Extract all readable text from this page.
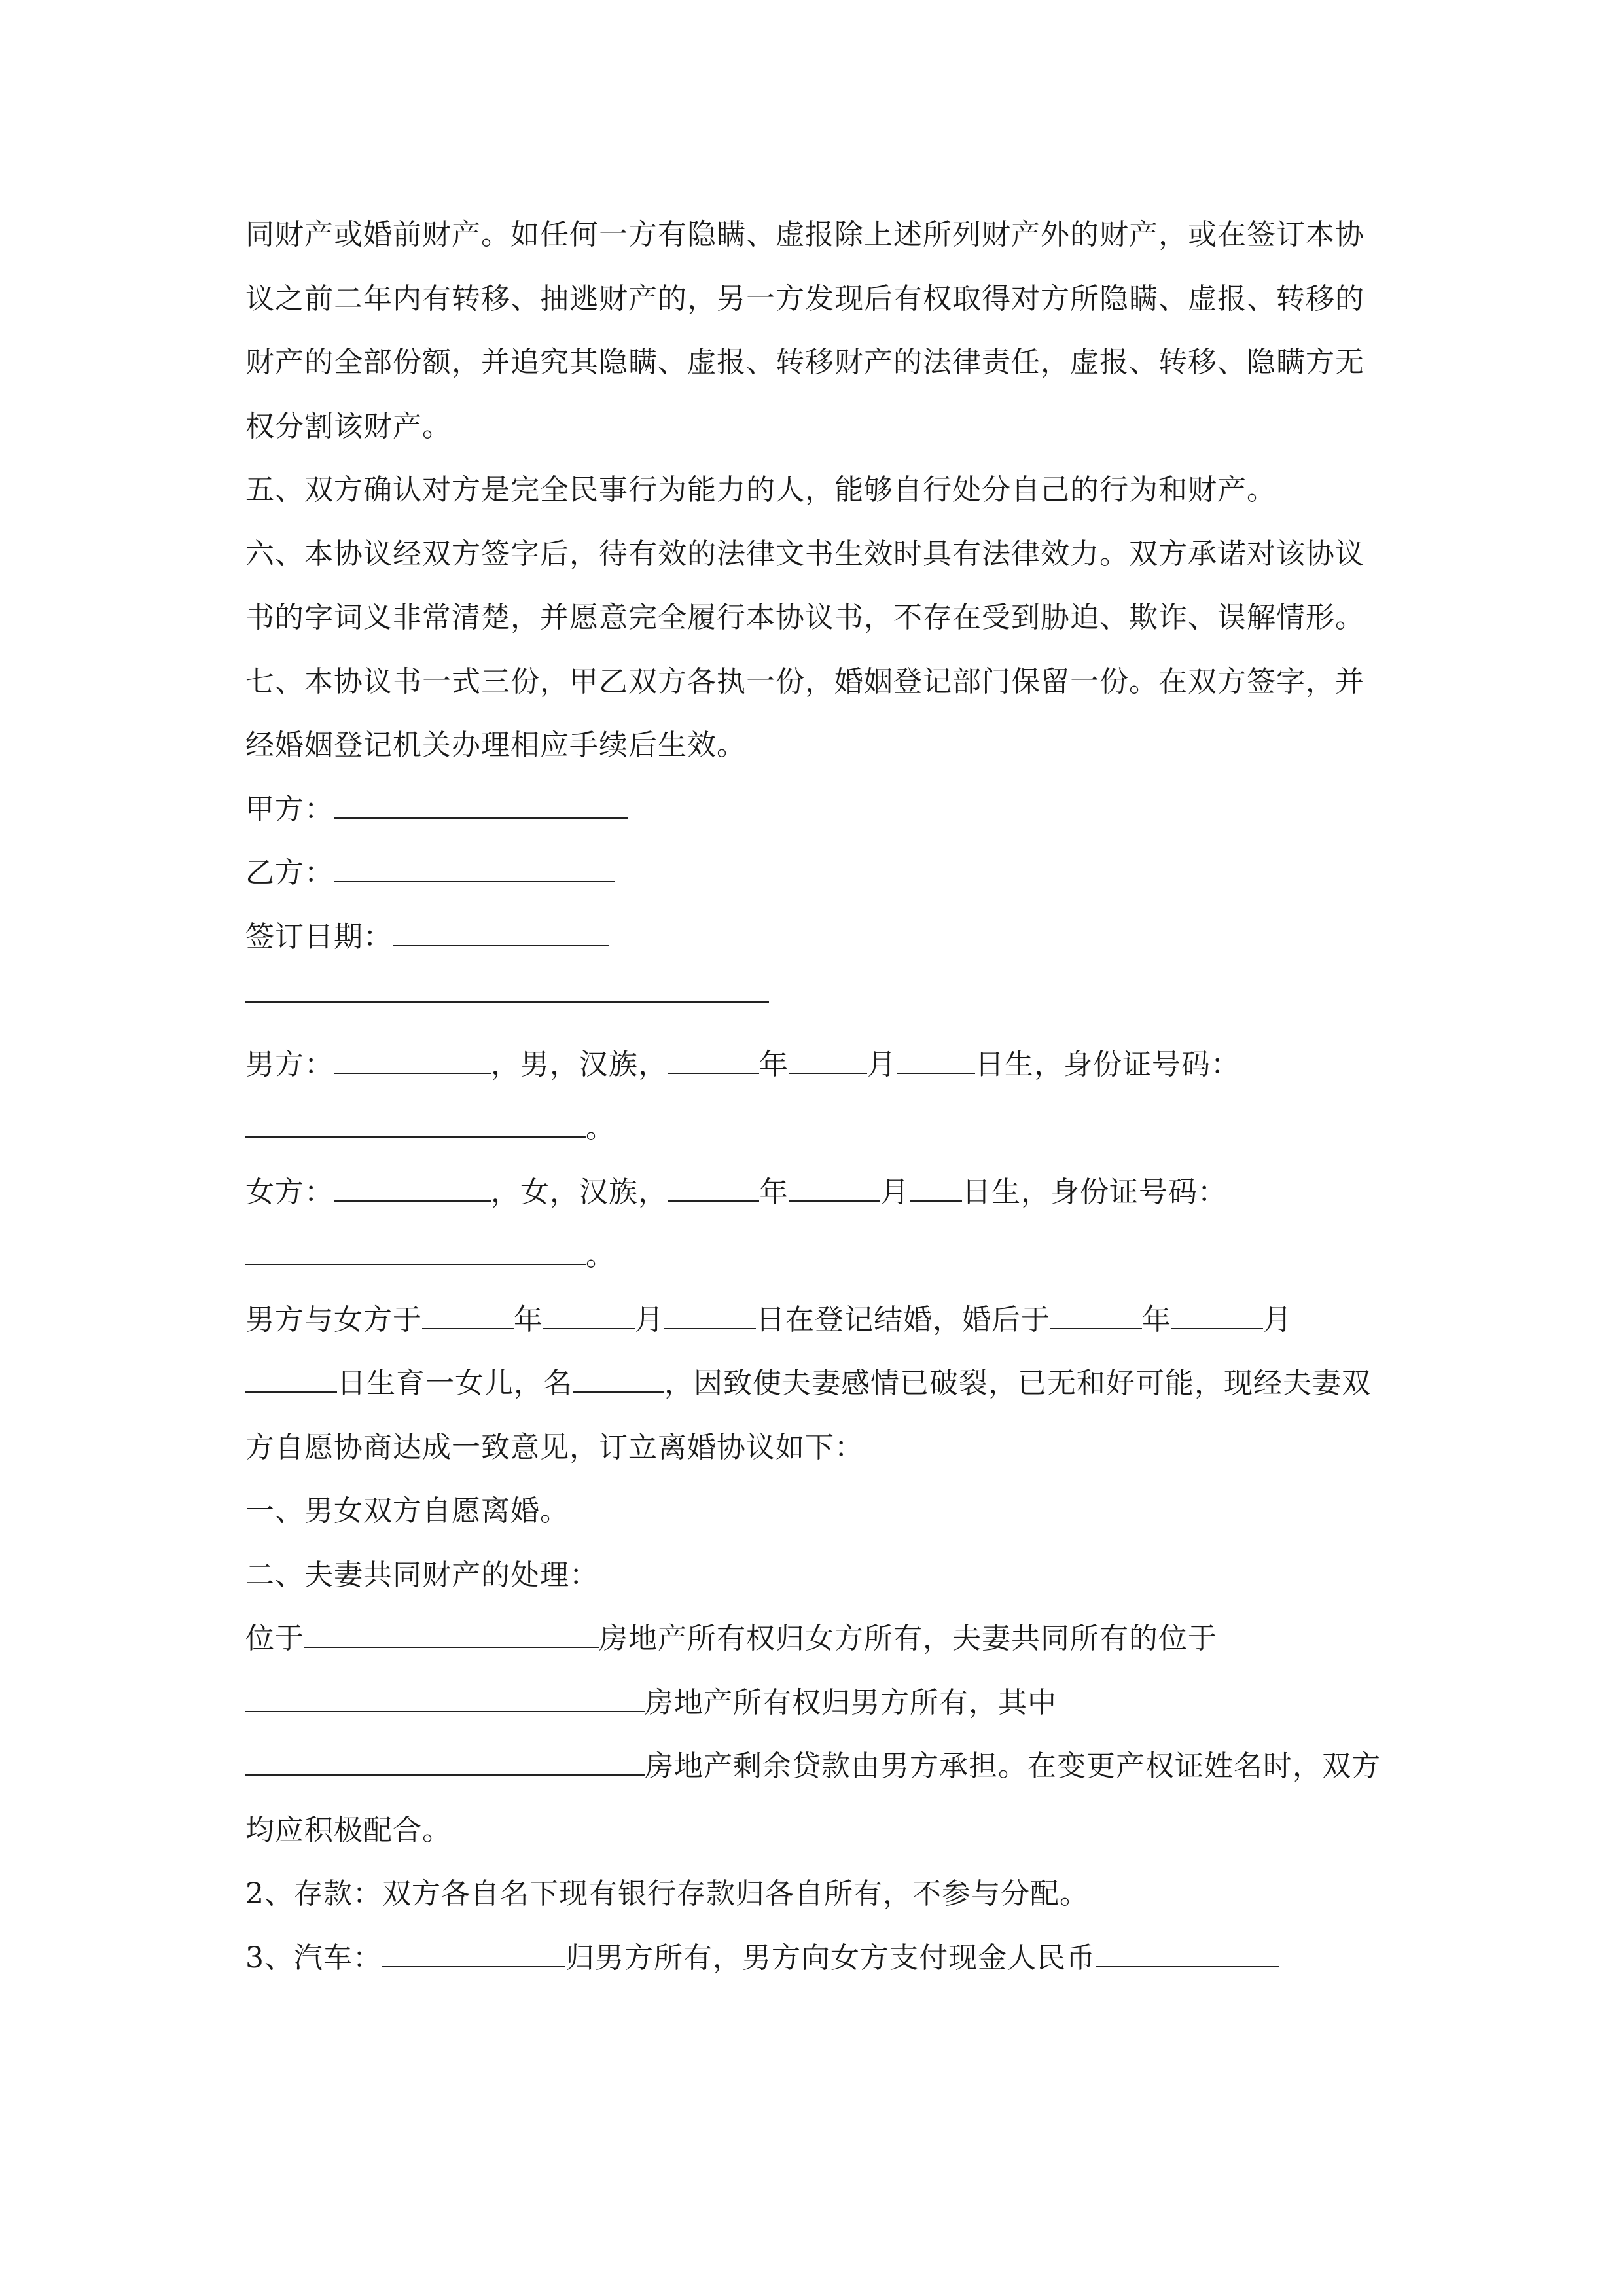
同财产或婚前财产。如任何一方有隐瞒、虚报除上述所列财产外的财产，或在签订本协议之前二年内有转移、抽逃财产的，另一方发现后有权取得对方所隐瞒、虚报、转移的财产的全部份额，并追究其隐瞒、虚报、转移财产的法律责任，虚报、转移、隐瞒方无权分割该财产。

五、双方确认对方是完全民事行为能力的人，能够自行处分自己的行为和财产。

六、本协议经双方签字后，待有效的法律文书生效时具有法律效力。双方承诺对该协议书的字词义非常清楚，并愿意完全履行本协议书，不存在受到胁迫、欺诈、误解情形。

七、本协议书一式三份，甲乙双方各执一份，婚姻登记部门保留一份。在双方签字，并经婚姻登记机关办理相应手续后生效。

甲方：

乙方：

签订日期：

男方：	，男，汉族，	年	月	日生，身份证号码：

。

女方：	，女，汉族，	年	月 日生，身份证号码：

。

男方与女方于	年	月	日在登记结婚，婚后于	年	月日生育一女儿，名	，因致使夫妻感情已破裂，已无和好可能，现经夫妻双方自愿协商达成一致意见，订立离婚协议如下：

一、男女双方自愿离婚。

二、夫妻共同财产的处理：

位于	房地产所有权归女方所有，夫妻共同所有的位于房地产所有权归男方所有，其中房地产剩余贷款由男方承担。在变更产权证姓名时，双方均应积极配合。

2、存款：双方各自名下现有银行存款归各自所有，不参与分配。

3、汽车：	归男方所有，男方向女方支付现金人民币
